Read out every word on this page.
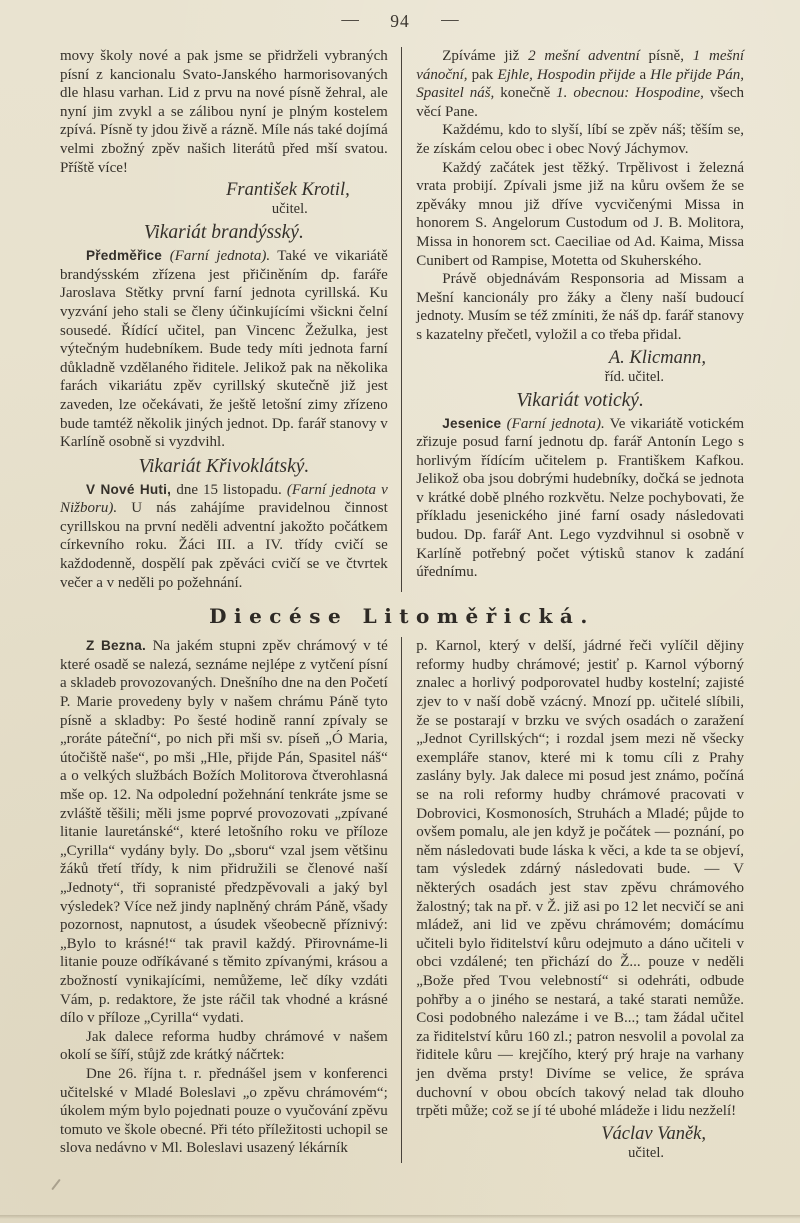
— 94 —

movy školy nové a pak jsme se přidrželi vybraných písní z kancionalu Svato-Janského harmorisovaných dle hlasu varhan. Lid z prvu na nové písně žehral, ale nyní jim zvykl a se zálibou nyní je plným kostelem zpívá. Písně ty jdou živě a rázně. Míle nás také dojímá velmi zbožný zpěv našich literátů před mší svatou. Příště více!

František Krotil,
učitel.
Vikariát brandýsský.

Předměřice (Farní jednota). Také ve vikariátě brandýsském zřízena jest přičiněním dp. faráře Jaroslava Stětky první farní jednota cyrillská. Ku vyzvání jeho stali se členy účinkujícími všickni čelní sousedé. Řídící učitel, pan Vincenc Žežulka, jest výtečným hudebníkem. Bude tedy míti jednota farní důkladně vzdělaného řiditele. Jelikož pak na několika farách vikariátu zpěv cyrillský skutečně již jest zaveden, lze očekávati, že ještě letošní zimy zřízeno bude tamtéž několik jiných jednot. Dp. farář stanovy v Karlíně osobně si vyzdvihl.

Vikariát Křivoklátský.

V Nové Huti, dne 15 listopadu. (Farní jednota v Nižboru). U nás zahájíme pravidelnou činnost cyrillskou na první neděli adventní jakožto počátkem církevního roku. Žáci III. a IV. třídy cvičí se každodenně, dospělí pak zpěváci cvičí se ve čtvrtek večer a v neděli po požehnání.

Zpíváme již 2 mešní adventní písně, 1 mešní vánoční, pak Ejhle, Hospodin přijde a Hle přijde Pán, Spasitel náš, konečně 1. obecnou: Hospodine, všech věcí Pane.

Každému, kdo to slyší, líbí se zpěv náš; těším se, že získám celou obec i obec Nový Jáchymov.

Každý začátek jest těžký. Trpělivost i železná vrata probijí. Zpívali jsme již na kůru ovšem že se zpěváky mnou již dříve vycvičenými Missa in honorem S. Angelorum Custodum od J. B. Molitora, Missa in honorem sct. Caeciliae od Ad. Kaima, Missa Cunibert od Rampise, Motetta od Skuherského.

Právě objednávám Responsoria ad Missam a Mešní kancionály pro žáky a členy naší budoucí jednoty. Musím se též zmíniti, že náš dp. farář stanovy s kazatelny přečetl, vyložil a co třeba přidal.

A. Klicmann,
říd. učitel.
Vikariát votický.

Jesenice (Farní jednota). Ve vikariátě votickém zřizuje posud farní jednotu dp. farář Antonín Lego s horlivým řídícím učitelem p. Františkem Kafkou. Jelikož oba jsou dobrými hudebníky, dočká se jednota v krátké době plného rozkvětu. Nelze pochybovati, že příkladu jesenického jiné farní osady následovati budou. Dp. farář Ant. Lego vyzdvihnul si osobně v Karlíně potřebný počet výtisků stanov k zadání úřednímu.

Diecése Litoměřická.

Z Bezna. Na jakém stupni zpěv chrámový v té které osadě se nalezá, seznáme nejlépe z vytčení písní a skladeb provozovaných. Dnešního dne na den Početí P. Marie provedeny byly v našem chrámu Páně tyto písně a skladby: Po šesté hodině ranní zpívaly se „roráte páteční“, po nich při mši sv. píseň „Ó Maria, útočiště naše“, po mši „Hle, přijde Pán, Spasitel náš“ a o velkých službách Božích Molitorova čtverohlasná mše op. 12. Na odpolední požehnání tenkráte jsme se zvláště těšili; měli jsme poprvé provozovati „zpívané litanie lauretánské“, které letošního roku ve příloze „Cyrilla“ vydány byly. Do „sboru“ vzal jsem většinu žáků třetí třídy, k nim přidružili se členové naší „Jednoty“, tři sopranisté předzpěvovali a jaký byl výsledek? Více než jindy naplněný chrám Páně, všady pozornost, napnutost, a úsudek všeobecně příznivý: „Bylo to krásné!“ tak pravil každý. Přirovnáme-li litanie pouze odříkávané s těmito zpívanými, krásou a zbožností vynikajícími, nemůžeme, leč díky vzdáti Vám, p. redaktore, že jste ráčil tak vhodné a krásné dílo v příloze „Cyrilla“ vydati.

Jak dalece reforma hudby chrámové v našem okolí se šíří, stůjž zde krátký náčrtek:

Dne 26. října t. r. přednášel jsem v konferenci učitelské v Mladé Boleslavi „o zpěvu chrámovém“; úkolem mým bylo pojednati pouze o vyučování zpěvu tomuto ve škole obecné. Při této příležitosti uchopil se slova nedávno v Ml. Boleslavi usazený lékárník

p. Karnol, který v delší, jádrné řeči vylíčil dějiny reformy hudby chrámové; jestiť p. Karnol výborný znalec a horlivý podporovatel hudby kostelní; zajisté zjev to v naší době vzácný. Mnozí pp. učitelé slíbili, že se postarají v brzku ve svých osadách o zaražení „Jednot Cyrillských“; i rozdal jsem mezi ně všecky exempláře stanov, které mi k tomu cíli z Prahy zaslány byly. Jak dalece mi posud jest známo, počíná se na roli reformy hudby chrámové pracovati v Dobrovici, Kosmonosích, Struhách a Mladé; půjde to ovšem pomalu, ale jen když je počátek — poznání, po něm následovati bude láska k věci, a kde ta se objeví, tam výsledek zdárný následovati bude. — V některých osadách jest stav zpěvu chrámového žalostný; tak na př. v Ž. již asi po 12 let necvičí se ani mládež, ani lid ve zpěvu chrámovém; domácímu učiteli bylo řiditelství kůru odejmuto a dáno učiteli v obci vzdálené; ten přichází do Ž... pouze v neděli „Bože před Tvou velebností“ si odehráti, odbude pohřby a o jiného se nestará, a také starati nemůže. Cosi podobného nalezáme i ve B...; tam žádal učitel za řiditelství kůru 160 zl.; patron nesvolil a povolal za řiditele kůru — krejčího, který prý hraje na varhany jen dvěma prsty! Divíme se velice, že správa duchovní v obou obcích takový nelad tak dlouho trpěti může; což se jí té ubohé mládeže i lidu nezželí!

Václav Vaněk,
učitel.
